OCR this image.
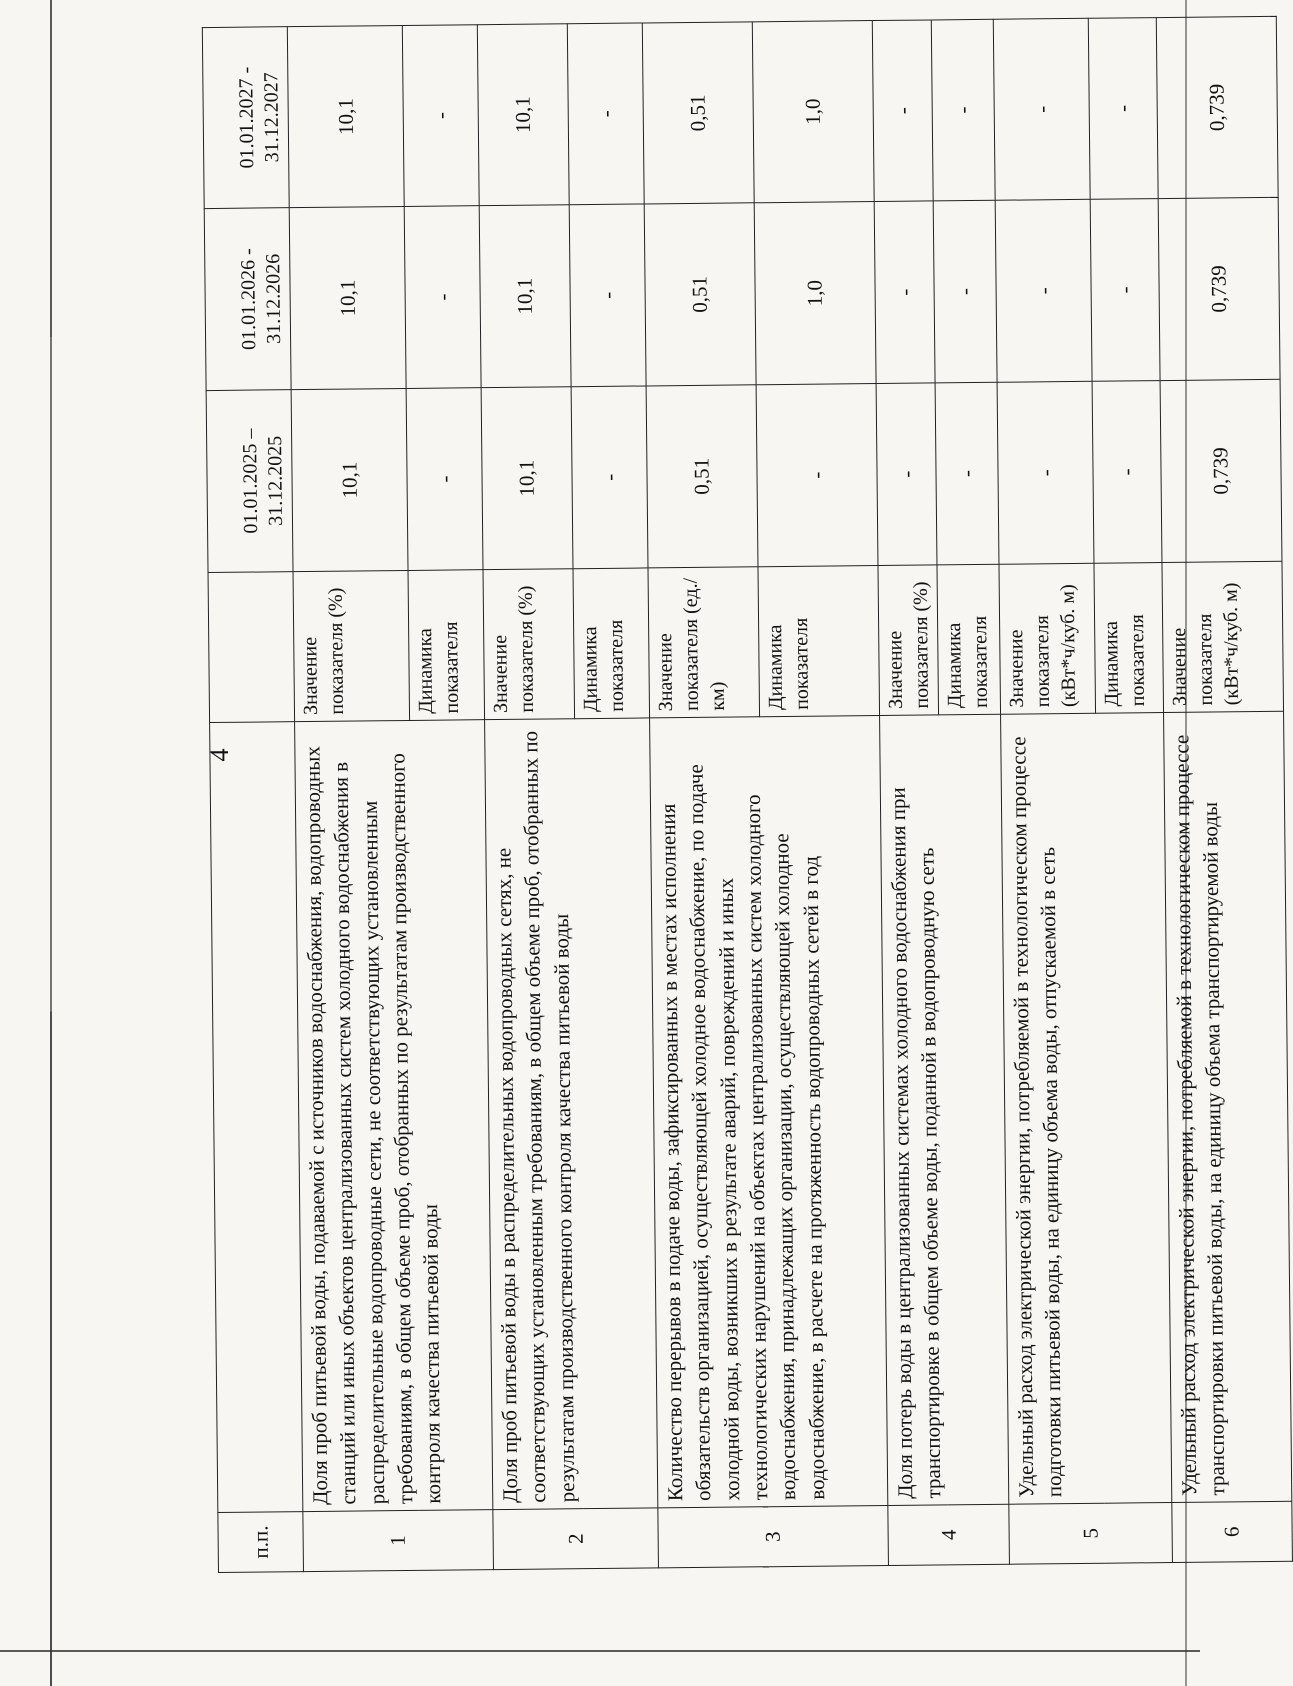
4
п.п.			01.01.2025 – 31.12.2025	01.01.2026 - 31.12.2026	01.01.2027 - 31.12.2027
1	Доля проб питьевой воды, подаваемой с источников водоснабжения, водопроводных станций или иных объектов централизованных систем холодного водоснабжения в распределительные водопроводные сети, не соответствующих установленным требованиям, в общем объеме проб, отобранных по результатам производственного контроля качества питьевой воды	Значение показателя (%)	10,1	10,1	10,1
		Динамика показателя	-	-	-
2	Доля проб питьевой воды в распределительных водопроводных сетях, не соответствующих установленным требованиям, в общем объеме проб, отобранных по результатам производственного контроля качества питьевой воды	Значение показателя (%)	10,1	10,1	10,1
		Динамика показателя	-	-	-
3	Количество перерывов в подаче воды, зафиксированных в местах исполнения обязательств организацией, осуществляющей холодное водоснабжение, по подаче холодной воды, возникших в результате аварий, повреждений и иных технологических нарушений на объектах централизованных систем холодного водоснабжения, принадлежащих организации, осуществляющей холодное водоснабжение, в расчете на протяженность водопроводных сетей в год	Значение показателя (ед./км)	0,51	0,51	0,51
		Динамика показателя	-	1,0	1,0
4	Доля потерь воды в централизованных системах холодного водоснабжения при транспортировке в общем объеме воды, поданной в водопроводную сеть	Значение показателя (%)	-	-	-
		Динамика показателя	-	-	-
5	Удельный расход электрической энергии, потребляемой в технологическом процессе подготовки питьевой воды, на единицу объема воды, отпускаемой в сеть	Значение показателя (кВт*ч/куб. м)	-	-	-
		Динамика показателя	-	-	-
6	Удельный расход электрической энергии, потребляемой в технологическом процессе транспортировки питьевой воды, на единицу объема транспортируемой воды	Значение показателя (кВт*ч/куб. м)	0,739	0,739	0,739
